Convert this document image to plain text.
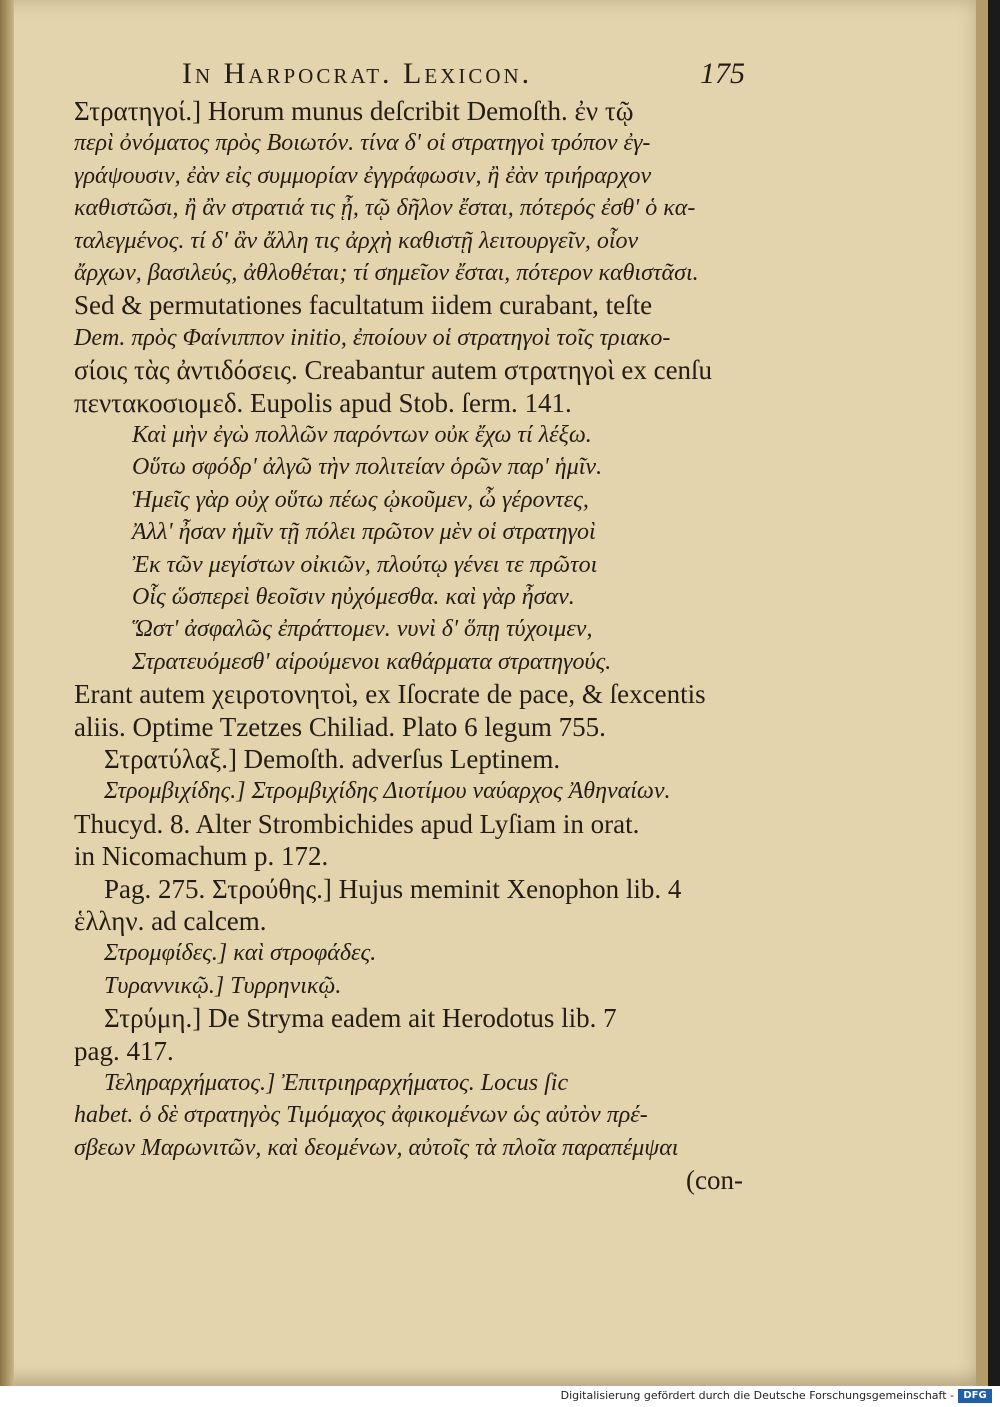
In Harpocrat. Lexicon.	175
Στρατηγοί.] Horum munus deſcribit Demoſth. ἐν τῷ
περὶ ὀνόματος πρὸς Βοιωτόν. τίνα δ' οἱ στρατηγοὶ τρόπον ἐγ-
γράψουσιν, ἐὰν εἰς συμμορίαν ἐγγράφωσιν, ἢ ἐὰν τριήραρχον
καθιστῶσι, ἢ ἂν στρατιά τις ᾖ, τῷ δῆλον ἔσται, πότερός ἐσθ' ὁ κα-
ταλεγμένος. τί δ' ἂν ἄλλη τις ἀρχὴ καθιστῇ λειτουργεῖν, οἷον
ἄρχων, βασιλεύς, ἀθλοθέται; τί σημεῖον ἔσται, πότερον καθιστᾶσι.
Sed & permutationes facultatum iidem curabant, teſte
Dem. πρὸς Φαίνιππον initio, ἐποίουν οἱ στρατηγοὶ τοῖς τριακο-
σίοις τὰς ἀντιδόσεις. Creabantur autem στρατηγοὶ ex cenſu
πεντακοσιομεδ. Eupolis apud Stob. ſerm. 141.
Καὶ μὴν ἐγὼ πολλῶν παρόντων οὐκ ἔχω τί λέξω.
Οὕτω σφόδρ' ἀλγῶ τὴν πολιτείαν ὁρῶν παρ' ἡμῖν.
Ἡμεῖς γὰρ οὐχ οὕτω πέως ᾠκοῦμεν, ὦ γέροντες,
Ἀλλ' ἦσαν ἡμῖν τῇ πόλει πρῶτον μὲν οἱ στρατηγοὶ
Ἐκ τῶν μεγίστων οἰκιῶν, πλούτῳ γένει τε πρῶτοι
Οἷς ὥσπερεὶ θεοῖσιν ηὐχόμεσθα. καὶ γὰρ ἦσαν.
Ὥστ' ἀσφαλῶς ἐπράττομεν. νυνὶ δ' ὅπῃ τύχοιμεν,
Στρατευόμεσθ' αἱρούμενοι καθάρματα στρατηγούς.
Erant autem χειροτονητοὶ, ex Iſocrate de pace, & ſexcentis
aliis. Optime Tzetzes Chiliad. Plato 6 legum 755.
Στρατύλαξ.] Demoſth. adverſus Leptinem.
Στρομβιχίδης.] Στρομβιχίδης Διοτίμου ναύαρχος Ἀθηναίων.
Thucyd. 8. Alter Strombichides apud Lyſiam in orat.
in Nicomachum p. 172.
Pag. 275. Στρούθης.] Hujus meminit Xenophon lib. 4
ἑλλην. ad calcem.
Στρομφίδες.] καὶ στροφάδες.
Τυραννικῷ.] Τυρρηνικῷ.
Στρύμη.] De Stryma eadem ait Herodotus lib. 7
pag. 417.
Τεληραρχήματος.] Ἐπιτριηραρχήματος. Locus ſic
habet. ὁ δὲ στρατηγὸς Τιμόμαχος ἀφικομένων ὡς αὐτὸν πρέ-
σβεων Μαρωνιτῶν, καὶ δεομένων, αὐτοῖς τὰ πλοῖα παραπέμψαι
(con-
Digitalisierung gefördert durch die Deutsche Forschungsgemeinschaft - DFG
